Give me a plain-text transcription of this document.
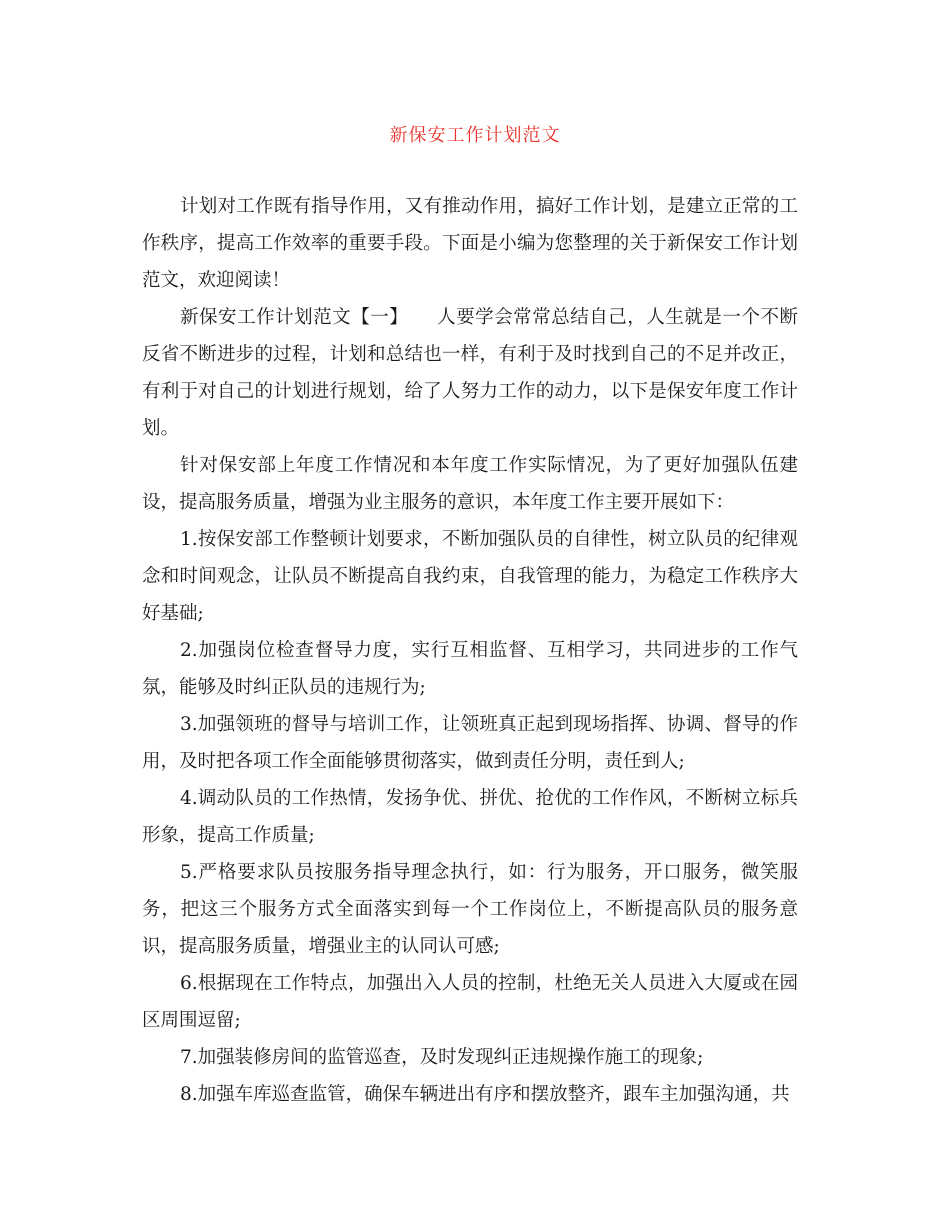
新保安工作计划范文

计划对工作既有指导作用，又有推动作用，搞好工作计划，是建立正常的工作秩序，提高工作效率的重要手段。下面是小编为您整理的关于新保安工作计划范文，欢迎阅读！

新保安工作计划范文【一】　　人要学会常常总结自己，人生就是一个不断反省不断进步的过程，计划和总结也一样，有利于及时找到自己的不足并改正，有利于对自己的计划进行规划，给了人努力工作的动力，以下是保安年度工作计划。

针对保安部上年度工作情况和本年度工作实际情况，为了更好加强队伍建设，提高服务质量，增强为业主服务的意识，本年度工作主要开展如下：

1.按保安部工作整顿计划要求，不断加强队员的自律性，树立队员的纪律观念和时间观念，让队员不断提高自我约束，自我管理的能力，为稳定工作秩序大好基础;

2.加强岗位检查督导力度，实行互相监督、互相学习，共同进步的工作气氛，能够及时纠正队员的违规行为;

3.加强领班的督导与培训工作，让领班真正起到现场指挥、协调、督导的作用，及时把各项工作全面能够贯彻落实，做到责任分明，责任到人;

4.调动队员的工作热情，发扬争优、拼优、抢优的工作作风，不断树立标兵形象，提高工作质量;

5.严格要求队员按服务指导理念执行，如：行为服务，开口服务，微笑服务，把这三个服务方式全面落实到每一个工作岗位上，不断提高队员的服务意识，提高服务质量，增强业主的认同认可感;

6.根据现在工作特点，加强出入人员的控制，杜绝无关人员进入大厦或在园区周围逗留;

7.加强装修房间的监管巡查，及时发现纠正违规操作施工的现象;

8.加强车库巡查监管，确保车辆进出有序和摆放整齐，跟车主加强沟通，共
